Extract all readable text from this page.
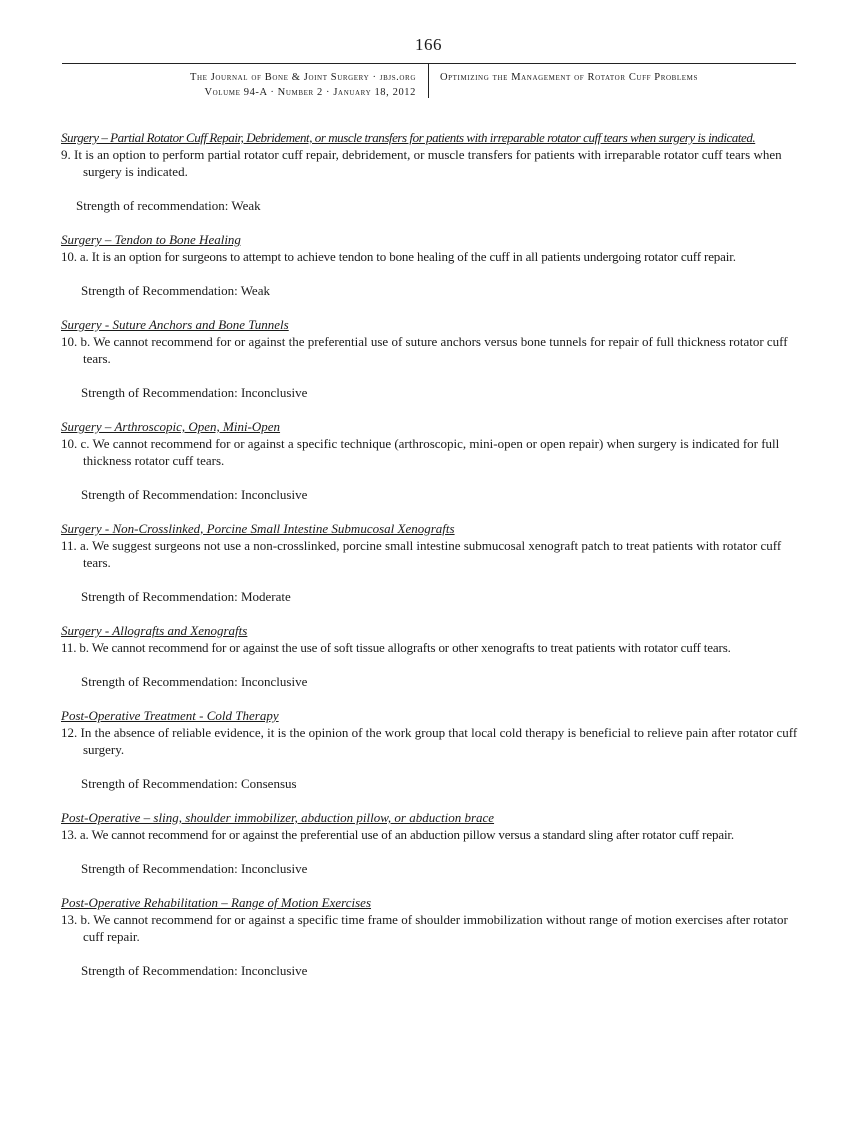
166
The Journal of Bone & Joint Surgery · jbjs.org
Volume 94-A · Number 2 · January 18, 2012
Optimizing the Management of Rotator Cuff Problems
Surgery – Partial Rotator Cuff Repair, Debridement, or muscle transfers for patients with irreparable rotator cuff tears when surgery is indicated.
9. It is an option to perform partial rotator cuff repair, debridement, or muscle transfers for patients with irreparable rotator cuff tears when surgery is indicated.
Strength of recommendation: Weak
Surgery – Tendon to Bone Healing
10. a. It is an option for surgeons to attempt to achieve tendon to bone healing of the cuff in all patients undergoing rotator cuff repair.
Strength of Recommendation: Weak
Surgery - Suture Anchors and Bone Tunnels
10. b. We cannot recommend for or against the preferential use of suture anchors versus bone tunnels for repair of full thickness rotator cuff tears.
Strength of Recommendation: Inconclusive
Surgery – Arthroscopic, Open, Mini-Open
10. c. We cannot recommend for or against a specific technique (arthroscopic, mini-open or open repair) when surgery is indicated for full thickness rotator cuff tears.
Strength of Recommendation: Inconclusive
Surgery - Non-Crosslinked, Porcine Small Intestine Submucosal Xenografts
11. a. We suggest surgeons not use a non-crosslinked, porcine small intestine submucosal xenograft patch to treat patients with rotator cuff tears.
Strength of Recommendation: Moderate
Surgery - Allografts and Xenografts
11. b. We cannot recommend for or against the use of soft tissue allografts or other xenografts to treat patients with rotator cuff tears.
Strength of Recommendation: Inconclusive
Post-Operative Treatment - Cold Therapy
12. In the absence of reliable evidence, it is the opinion of the work group that local cold therapy is beneficial to relieve pain after rotator cuff surgery.
Strength of Recommendation: Consensus
Post-Operative – sling, shoulder immobilizer, abduction pillow, or abduction brace
13. a. We cannot recommend for or against the preferential use of an abduction pillow versus a standard sling after rotator cuff repair.
Strength of Recommendation: Inconclusive
Post-Operative Rehabilitation – Range of Motion Exercises
13. b. We cannot recommend for or against a specific time frame of shoulder immobilization without range of motion exercises after rotator cuff repair.
Strength of Recommendation: Inconclusive
